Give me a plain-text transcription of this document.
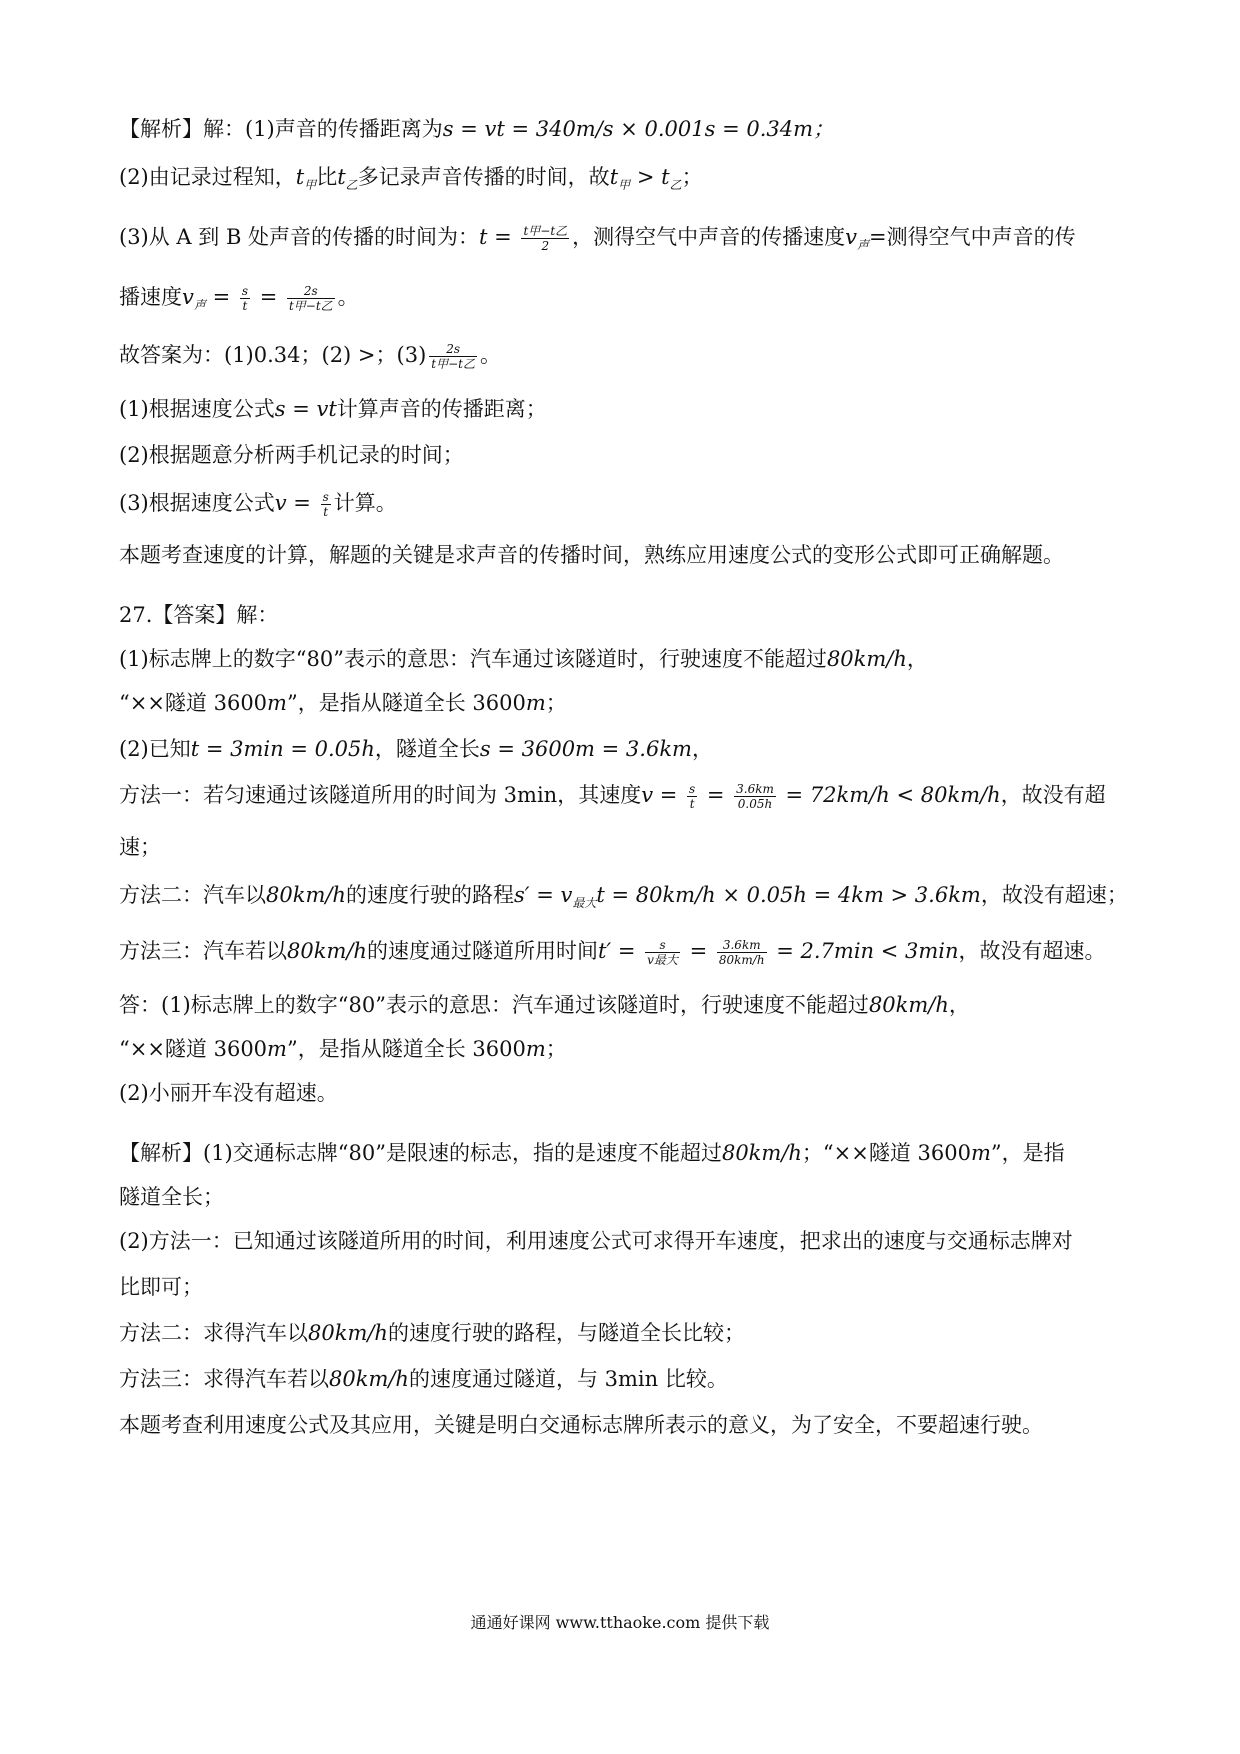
【解析】解：(1)声音的传播距离为s = vt = 340m/s × 0.001s = 0.34m；
(2)由记录过程知，$t_甲$比$t_乙$多记录声音传播的时间，故$t_甲 > t_乙$；
(3)从 A 到 B 处声音的传播的时间为：$t = \frac{\text{t甲−t乙}}{2}$ ，测得空气中声音的传播速度$v_声=$测得空气中声音的传
播速度$v_声 = \frac{s}{t} = \frac{2s}{\text{t甲−t乙}}$ 。
故答案为：(1)0.34；(2) >；$(3) \frac{2s}{\text{t甲−t乙}}$ 。
(1)根据速度公式s = vt计算声音的传播距离；
(2)根据题意分析两手机记录的时间；
(3)根据速度公式$v = \frac{s}{t}$ 计算。
本题考查速度的计算，解题的关键是求声音的传播时间，熟练应用速度公式的变形公式即可正确解题。
27.【答案】解：
(1)标志牌上的数字“80”表示的意思：汽车通过该隧道时，行驶速度不能超过80km/h，
“××隧道 3600m”，是指从隧道全长 3600m；
(2)已知t = 3min = 0.05h，隧道全长s = 3600m = 3.6km，
方法一：若匀速通过该隧道所用的时间为 3min，其速度$v = \frac{s}{t} = \frac{3.6km}{0.05h} = 72km/h < 80km/h$，故没有超
速；
方法二：汽车以80km/h的速度行驶的路程$s' = v_{最大}t = 80km/h \times 0.05h = 4km > 3.6km$，故没有超速；
方法三：汽车若以80km/h的速度通过隧道所用时间$t' = \frac{s}{\text{v最大}} = \frac{3.6km}{80km/h} = 2.7\min < 3\min$，故没有超速。
答：(1)标志牌上的数字“80”表示的意思：汽车通过该隧道时，行驶速度不能超过80km/h，
“××隧道 3600m”，是指从隧道全长 3600m；
(2)小丽开车没有超速。
【解析】(1)交通标志牌“80”是限速的标志，指的是速度不能超过80km/h；“××隧道 3600m”，是指
隧道全长；
(2)方法一：已知通过该隧道所用的时间，利用速度公式可求得开车速度，把求出的速度与交通标志牌对
比即可；
方法二：求得汽车以80km/h的速度行驶的路程，与隧道全长比较；
方法三：求得汽车若以80km/h的速度通过隧道，与 3min 比较。
本题考查利用速度公式及其应用，关键是明白交通标志牌所表示的意义，为了安全，不要超速行驶。
通通好课网 www.tthaoke.com 提供下载
